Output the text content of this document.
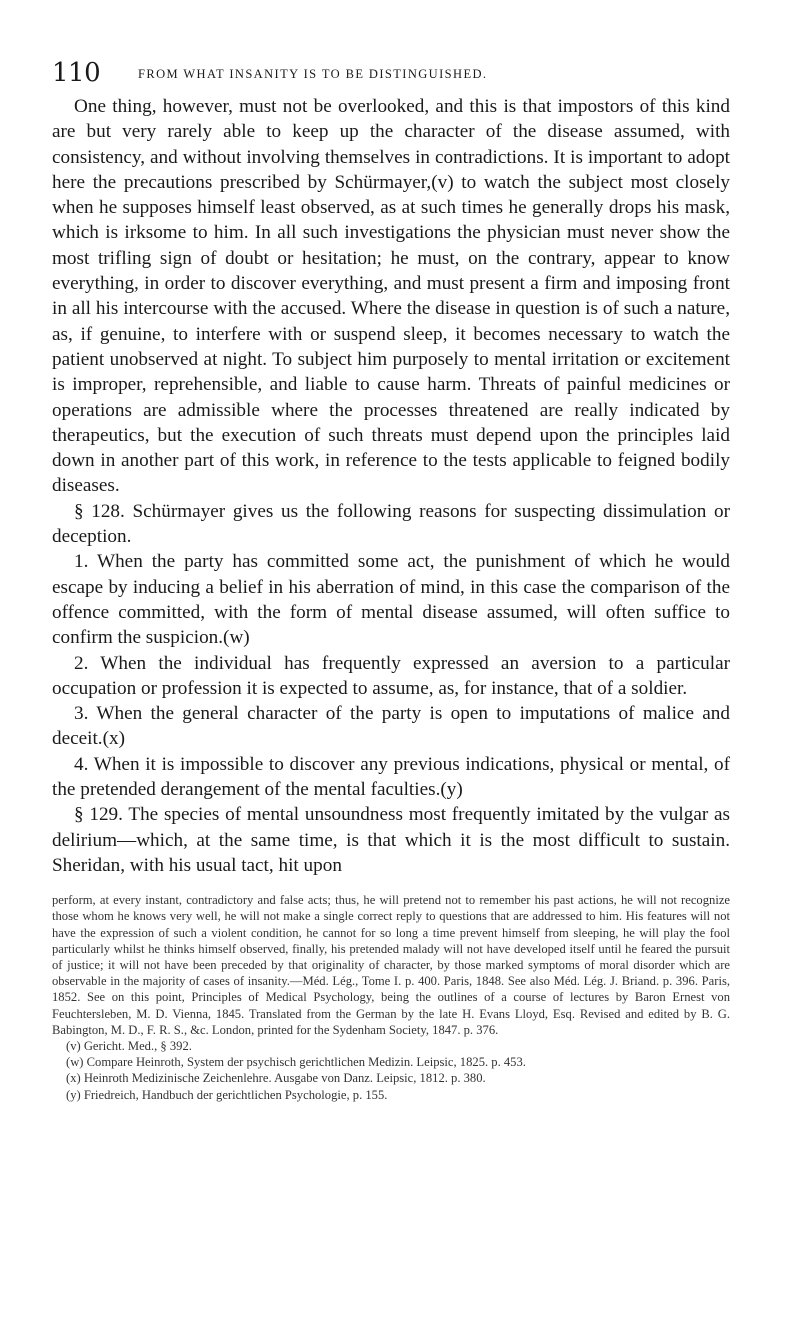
110	FROM WHAT INSANITY IS TO BE DISTINGUISHED.

One thing, however, must not be overlooked, and this is that impostors of this kind are but very rarely able to keep up the character of the disease assumed, with consistency, and without involving themselves in contradictions. It is important to adopt here the precautions prescribed by Schürmayer,(v) to watch the subject most closely when he supposes himself least observed, as at such times he generally drops his mask, which is irksome to him. In all such investigations the physician must never show the most trifling sign of doubt or hesitation; he must, on the contrary, appear to know everything, in order to discover everything, and must present a firm and imposing front in all his intercourse with the accused. Where the disease in question is of such a nature, as, if genuine, to interfere with or suspend sleep, it becomes necessary to watch the patient unobserved at night. To subject him purposely to mental irritation or excitement is improper, reprehensible, and liable to cause harm. Threats of painful medicines or operations are admissible where the processes threatened are really indicated by therapeutics, but the execution of such threats must depend upon the principles laid down in another part of this work, in reference to the tests applicable to feigned bodily diseases.

§ 128. Schürmayer gives us the following reasons for suspecting dissimulation or deception.

1. When the party has committed some act, the punishment of which he would escape by inducing a belief in his aberration of mind, in this case the comparison of the offence committed, with the form of mental disease assumed, will often suffice to confirm the suspicion.(w)

2. When the individual has frequently expressed an aversion to a particular occupation or profession it is expected to assume, as, for instance, that of a soldier.

3. When the general character of the party is open to imputations of malice and deceit.(x)

4. When it is impossible to discover any previous indications, physical or mental, of the pretended derangement of the mental faculties.(y)

§ 129. The species of mental unsoundness most frequently imitated by the vulgar as delirium—which, at the same time, is that which it is the most difficult to sustain. Sheridan, with his usual tact, hit upon

perform, at every instant, contradictory and false acts; thus, he will pretend not to remember his past actions, he will not recognize those whom he knows very well, he will not make a single correct reply to questions that are addressed to him. His features will not have the expression of such a violent condition, he cannot for so long a time prevent himself from sleeping, he will play the fool particularly whilst he thinks himself observed, finally, his pretended malady will not have developed itself until he feared the pursuit of justice; it will not have been preceded by that originality of character, by those marked symptoms of moral disorder which are observable in the majority of cases of insanity.—Méd. Lég., Tome I. p. 400. Paris, 1848. See also Méd. Lég. J. Briand. p. 396. Paris, 1852. See on this point, Principles of Medical Psychology, being the outlines of a course of lectures by Baron Ernest von Feuchtersleben, M. D. Vienna, 1845. Translated from the German by the late H. Evans Lloyd, Esq. Revised and edited by B. G. Babington, M. D., F. R. S., &c. London, printed for the Sydenham Society, 1847. p. 376.

(v) Gericht. Med., § 392.

(w) Compare Heinroth, System der psychisch gerichtlichen Medizin. Leipsic, 1825. p. 453.

(x) Heinroth Medizinische Zeichenlehre. Ausgabe von Danz. Leipsic, 1812. p. 380.

(y) Friedreich, Handbuch der gerichtlichen Psychologie, p. 155.
